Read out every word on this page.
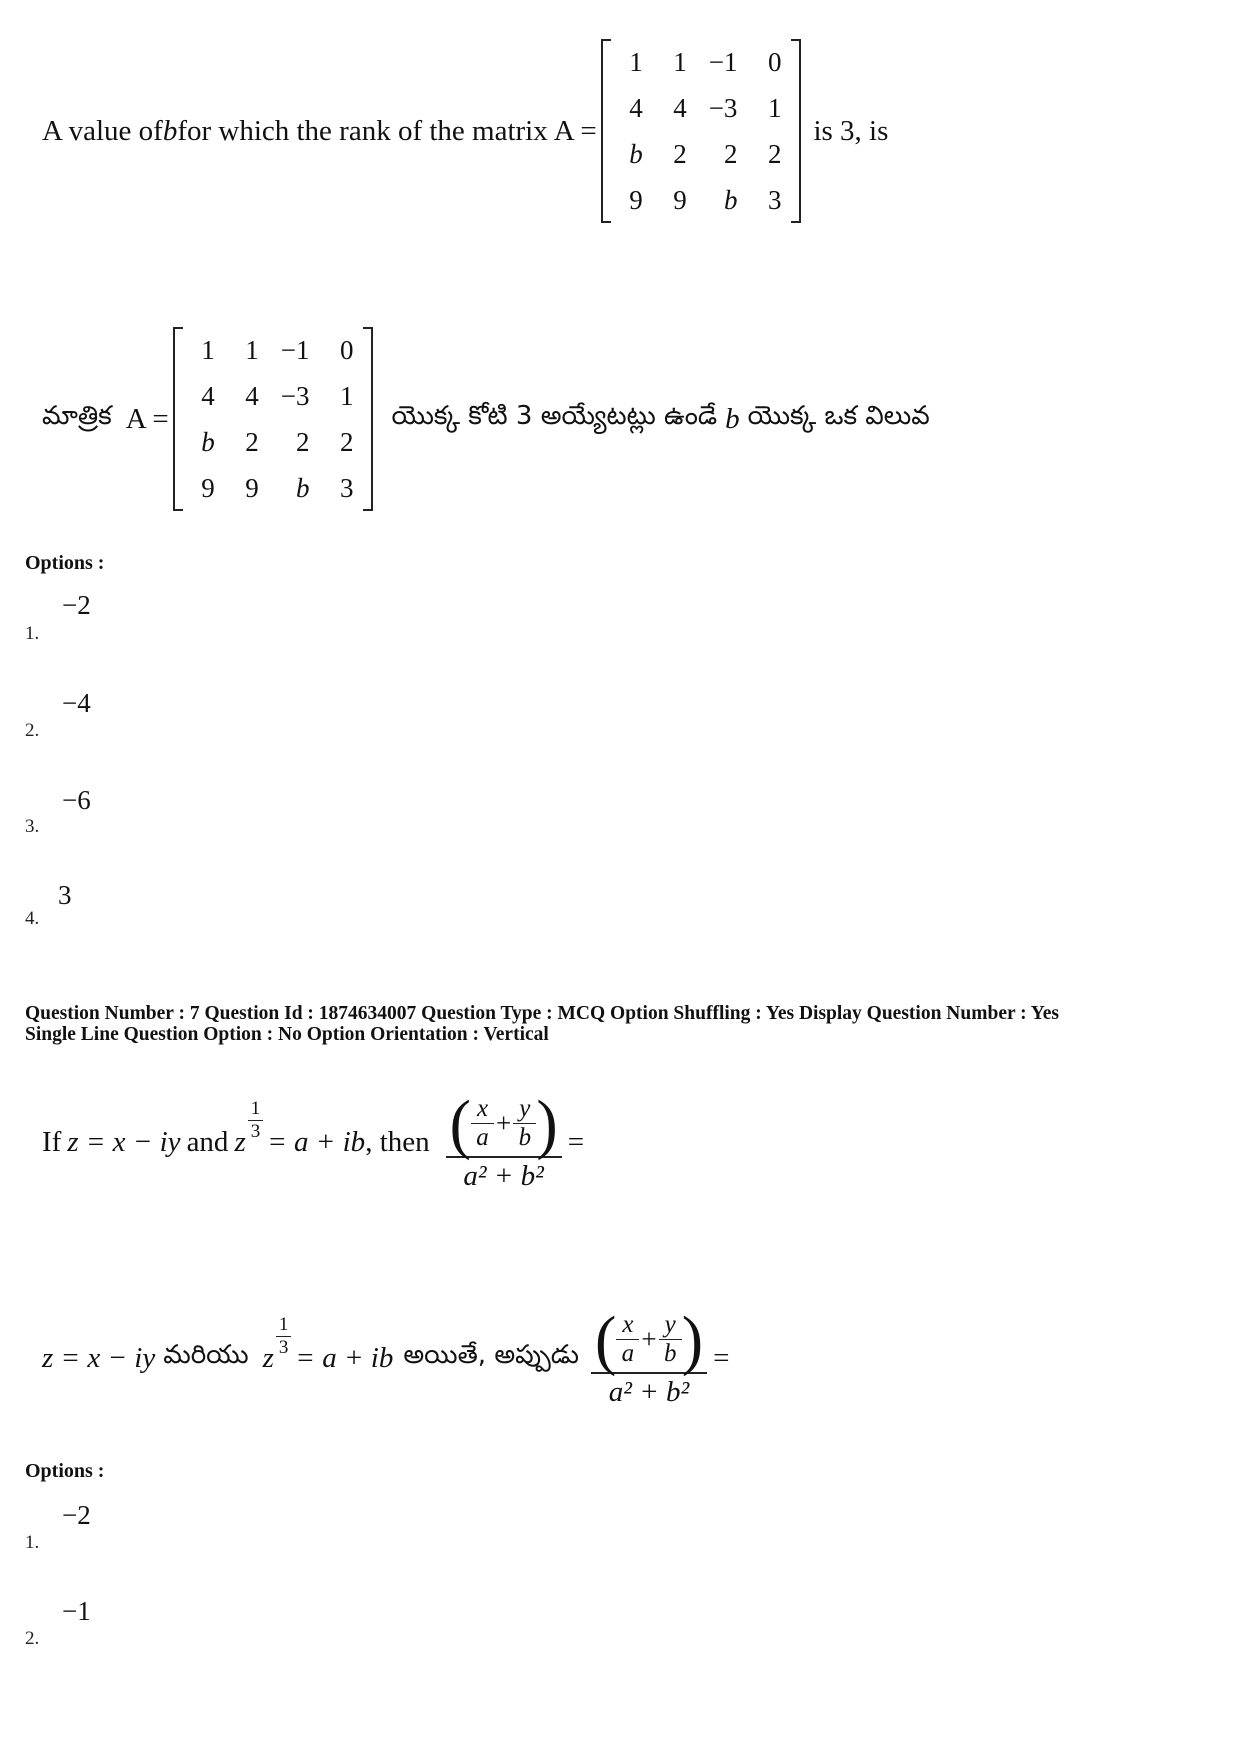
A value of b for which the rank of the matrix A =
1	1 −1	0
4	4 −3	1
b	2	2	2
9	9	b	3
is 3, is
మాత్రిక A =
1	1 −1	0
4	4 −3	1
b	2	2	2
9	9	b	3
యొక్క కోటి 3 అయ్యేటట్లు ఉండే b యొక్క ఒక విలువ
Options :
1.
−2
2.
−4
3.
−6
4.
3
Question Number : 7 Question Id : 1874634007 Question Type : MCQ Option Shuffling : Yes Display Question Number : Yes
Single Line Question Option : No Option Orientation : Vertical
If z = x − iy and z $\frac{1}{3} = a$ + ib , then ( $\frac{x}{a} + \frac{y}{b}$ )
a² + b²
=
z = x − iy మరియు z $\frac{1}{3} = a$ + ib అయితే, అప్పుడు ( $\frac{x}{a} + \frac{y}{b}$ )
a² + b²
=
Options :
1.
−2
2.
−1
